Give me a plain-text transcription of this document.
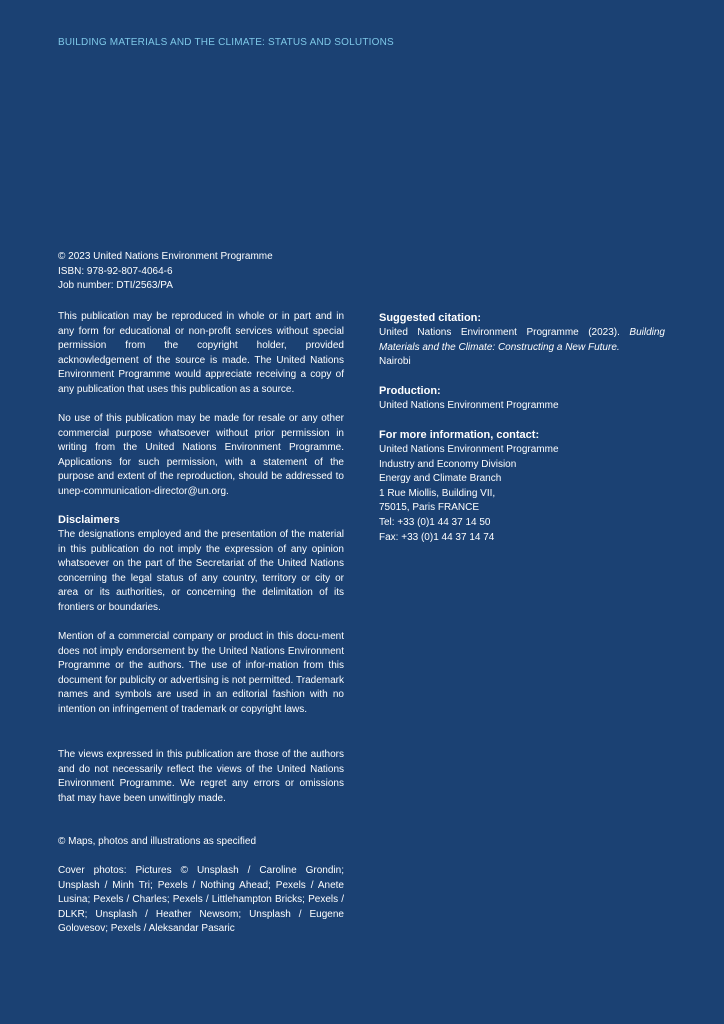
BUILDING MATERIALS AND THE CLIMATE: STATUS AND SOLUTIONS

© 2023 United Nations Environment Programme

ISBN: 978-92-807-4064-6

Job number: DTI/2563/PA

This publication may be reproduced in whole or in part and in any form for educational or non-profit services without special permission from the copyright holder, provided acknowledgement of the source is made. The United Nations Environment Programme would appreciate receiving a copy of any publication that uses this publication as a source.

No use of this publication may be made for resale or any other commercial purpose whatsoever without prior permission in writing from the United Nations Environment Programme. Applications for such permission, with a statement of the purpose and extent of the reproduction, should be addressed to unep-communication-director@un.org.

Disclaimers

The designations employed and the presentation of the material in this publication do not imply the expression of any opinion whatsoever on the part of the Secretariat of the United Nations concerning the legal status of any country, territory or city or area or its authorities, or concerning the delimitation of its frontiers or boundaries.

Mention of a commercial company or product in this docu-ment does not imply endorsement by the United Nations Environment Programme or the authors. The use of infor-mation from this document for publicity or advertising is not permitted. Trademark names and symbols are used in an editorial fashion with no intention on infringement of trademark or copyright laws.

The views expressed in this publication are those of the authors and do not necessarily reflect the views of the United Nations Environment Programme. We regret any errors or omissions that may have been unwittingly made.

© Maps, photos and illustrations as specified

Cover photos: Pictures © Unsplash / Caroline Grondin; Unsplash / Minh Tri; Pexels / Nothing Ahead; Pexels / Anete Lusina; Pexels / Charles; Pexels / Littlehampton Bricks; Pexels / DLKR; Unsplash / Heather Newsom; Unsplash / Eugene Golovesov; Pexels / Aleksandar Pasaric

Suggested citation:

United Nations Environment Programme (2023). Building Materials and the Climate: Constructing a New Future.

Nairobi

Production:

United Nations Environment Programme

For more information, contact:

United Nations Environment Programme

Industry and Economy Division

Energy and Climate Branch

1 Rue Miollis, Building VII,

75015, Paris FRANCE

Tel: +33 (0)1 44 37 14 50

Fax: +33 (0)1 44 37 14 74
